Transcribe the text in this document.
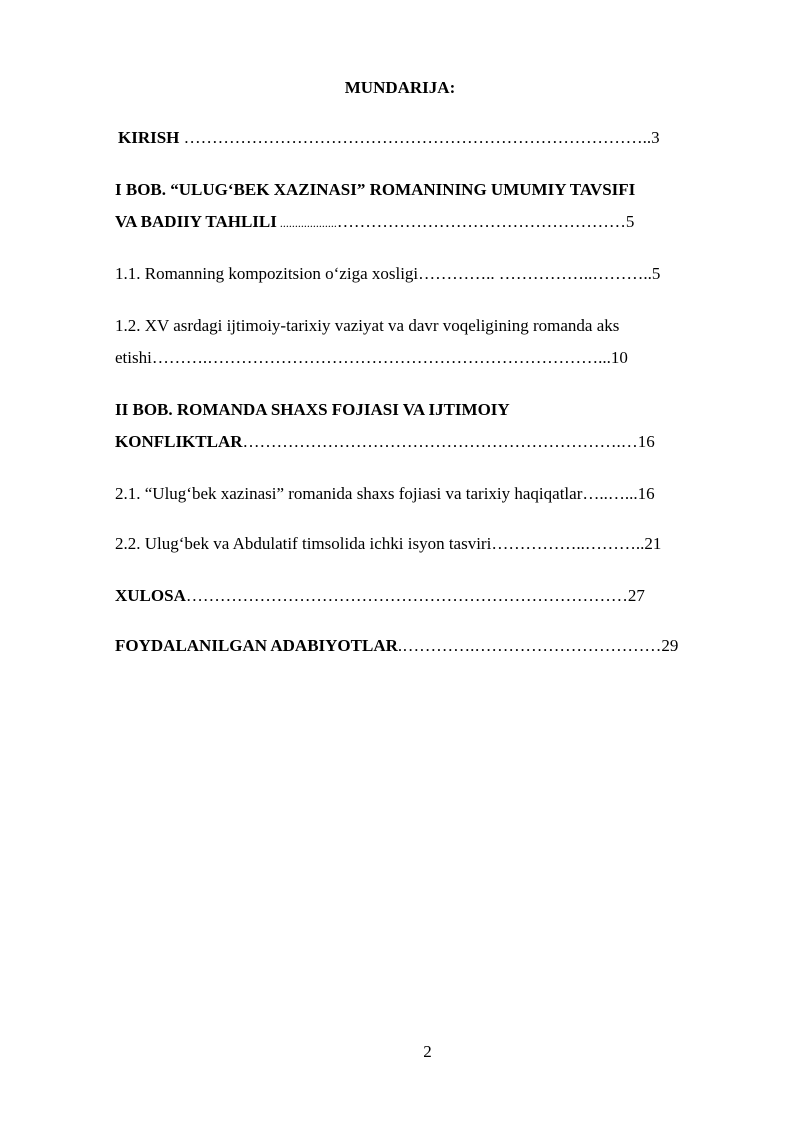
MUNDARIJA:
KIRISH ………………………………………………………………………..3
I BOB. “ULUG‘BEK XAZINASI” ROMANINING UMUMIY TAVSIFI
VA BADIIY TAHLILI ...................……………………………………………5
1.1. Romanning kompozitsion o‘ziga xosligi………….. ……………..………..5
1.2. XV asrdagi ijtimoiy-tarixiy vaziyat va davr voqeligining romanda aks
etishi……….……………………………………………………………...10
II BOB. ROMANDA SHAXS FOJIASI VA IJTIMOIY
KONFLIKTLAR………………………………………………………….…16
2.1. “Ulug‘bek xazinasi” romanida shaxs fojiasi va tarixiy haqiqatlar…..…...16
2.2. Ulug‘bek va Abdulatif timsolida ichki isyon tasviri……………..………..21
XULOSA……………………………………………………………………27
FOYDALANILGAN ADABIYOTLAR.………….……………………………29
2
